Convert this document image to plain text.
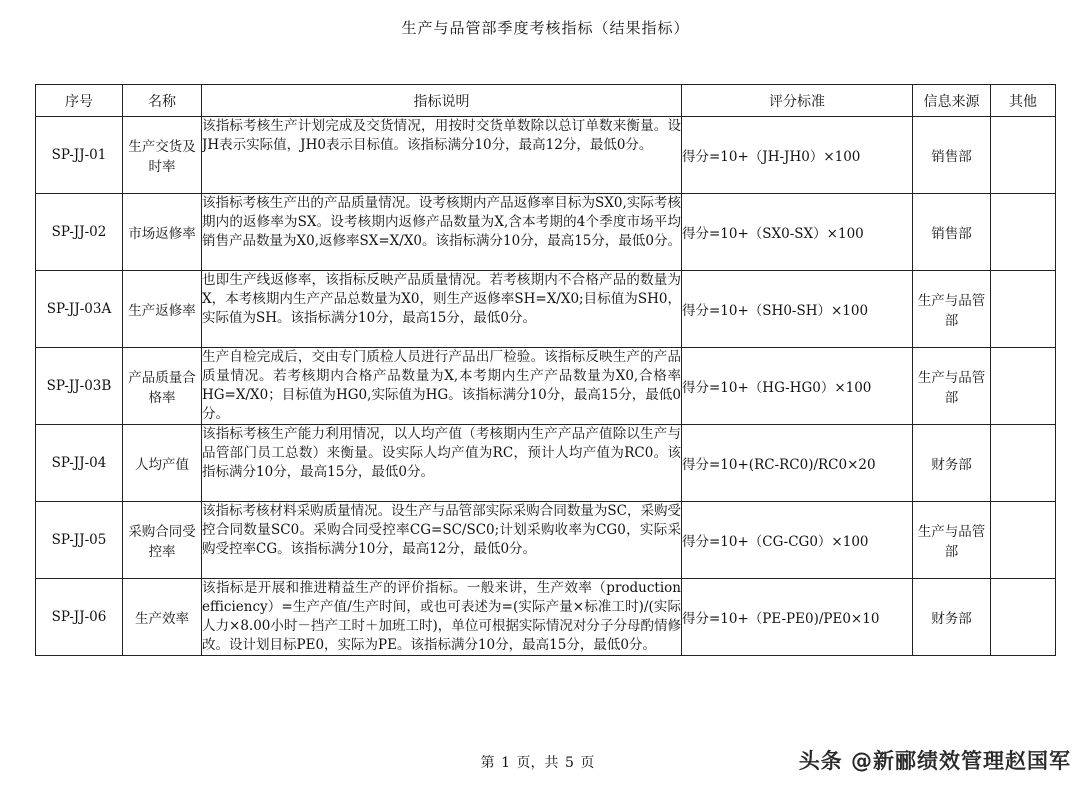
生产与品管部季度考核指标（结果指标）
序号	名称	指标说明	评分标准	信息来源	其他
SP-JJ-01	生产交货及时率	该指标考核生产计划完成及交货情况，用按时交货单数除以总订单数来衡量。设JH表示实际值，JH0表示目标值。该指标满分10分，最高12分，最低0分。	得分=10+（JH-JH0）×100	销售部	
SP-JJ-02	市场返修率	该指标考核生产出的产品质量情况。设考核期内产品返修率目标为SX0,实际考核期内的返修率为SX。设考核期内返修产品数量为X,含本考期的4个季度市场平均销售产品数量为X0,返修率SX=X/X0。该指标满分10分，最高15分，最低0分。	得分=10+（SX0-SX）×100	销售部	
SP-JJ-03A	生产返修率	也即生产线返修率，该指标反映产品质量情况。若考核期内不合格产品的数量为X，本考核期内生产产品总数量为X0，则生产返修率SH=X/X0;目标值为SH0，实际值为SH。该指标满分10分，最高15分，最低0分。	得分=10+（SH0-SH）×100	生产与品管部	
SP-JJ-03B	产品质量合格率	生产自检完成后，交由专门质检人员进行产品出厂检验。该指标反映生产的产品质量情况。若考核期内合格产品数量为X,本考期内生产产品数量为X0,合格率HG=X/X0；目标值为HG0,实际值为HG。该指标满分10分，最高15分，最低0分。	得分=10+（HG-HG0）×100	生产与品管部	
SP-JJ-04	人均产值	该指标考核生产能力利用情况，以人均产值（考核期内生产产品产值除以生产与品管部门员工总数）来衡量。设实际人均产值为RC，预计人均产值为RC0。该指标满分10分，最高15分，最低0分。	得分=10+(RC-RC0)/RC0×20	财务部	
SP-JJ-05	采购合同受控率	该指标考核材料采购质量情况。设生产与品管部实际采购合同数量为SC，采购受控合同数量SC0。采购合同受控率CG=SC/SC0;计划采购收率为CG0，实际采购受控率CG。该指标满分10分，最高12分，最低0分。	得分=10+（CG-CG0）×100	生产与品管部	
SP-JJ-06	生产效率	该指标是开展和推进精益生产的评价指标。一般来讲，生产效率（production efficiency）=生产产值/生产时间，或也可表述为=(实际产量×标准工时)/(实际人力×8.00小时－挡产工时＋加班工时)，单位可根据实际情况对分子分母酌情修改。设计划目标PE0，实际为PE。该指标满分10分，最高15分，最低0分。	得分=10+（PE-PE0)/PE0×10	财务部	
第 1 页，共 5 页	头条 @新郦绩效管理赵国军
